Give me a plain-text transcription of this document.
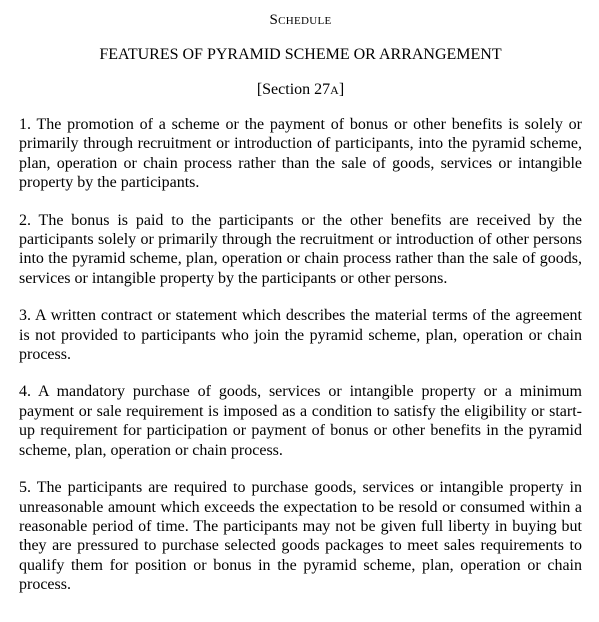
Schedule
FEATURES OF PYRAMID SCHEME OR ARRANGEMENT
[Section 27A]
1. The promotion of a scheme or the payment of bonus or other benefits is solely or primarily through recruitment or introduction of participants, into the pyramid scheme, plan, operation or chain process rather than the sale of goods, services or intangible property by the participants.
2. The bonus is paid to the participants or the other benefits are received by the participants solely or primarily through the recruitment or introduction of other persons into the pyramid scheme, plan, operation or chain process rather than the sale of goods, services or intangible property by the participants or other persons.
3. A written contract or statement which describes the material terms of the agreement is not provided to participants who join the pyramid scheme, plan, operation or chain process.
4. A mandatory purchase of goods, services or intangible property or a minimum payment or sale requirement is imposed as a condition to satisfy the eligibility or start-up requirement for participation or payment of bonus or other benefits in the pyramid scheme, plan, operation or chain process.
5. The participants are required to purchase goods, services or intangible property in unreasonable amount which exceeds the expectation to be resold or consumed within a reasonable period of time. The participants may not be given full liberty in buying but they are pressured to purchase selected goods packages to meet sales requirements to qualify them for position or bonus in the pyramid scheme, plan, operation or chain process.
